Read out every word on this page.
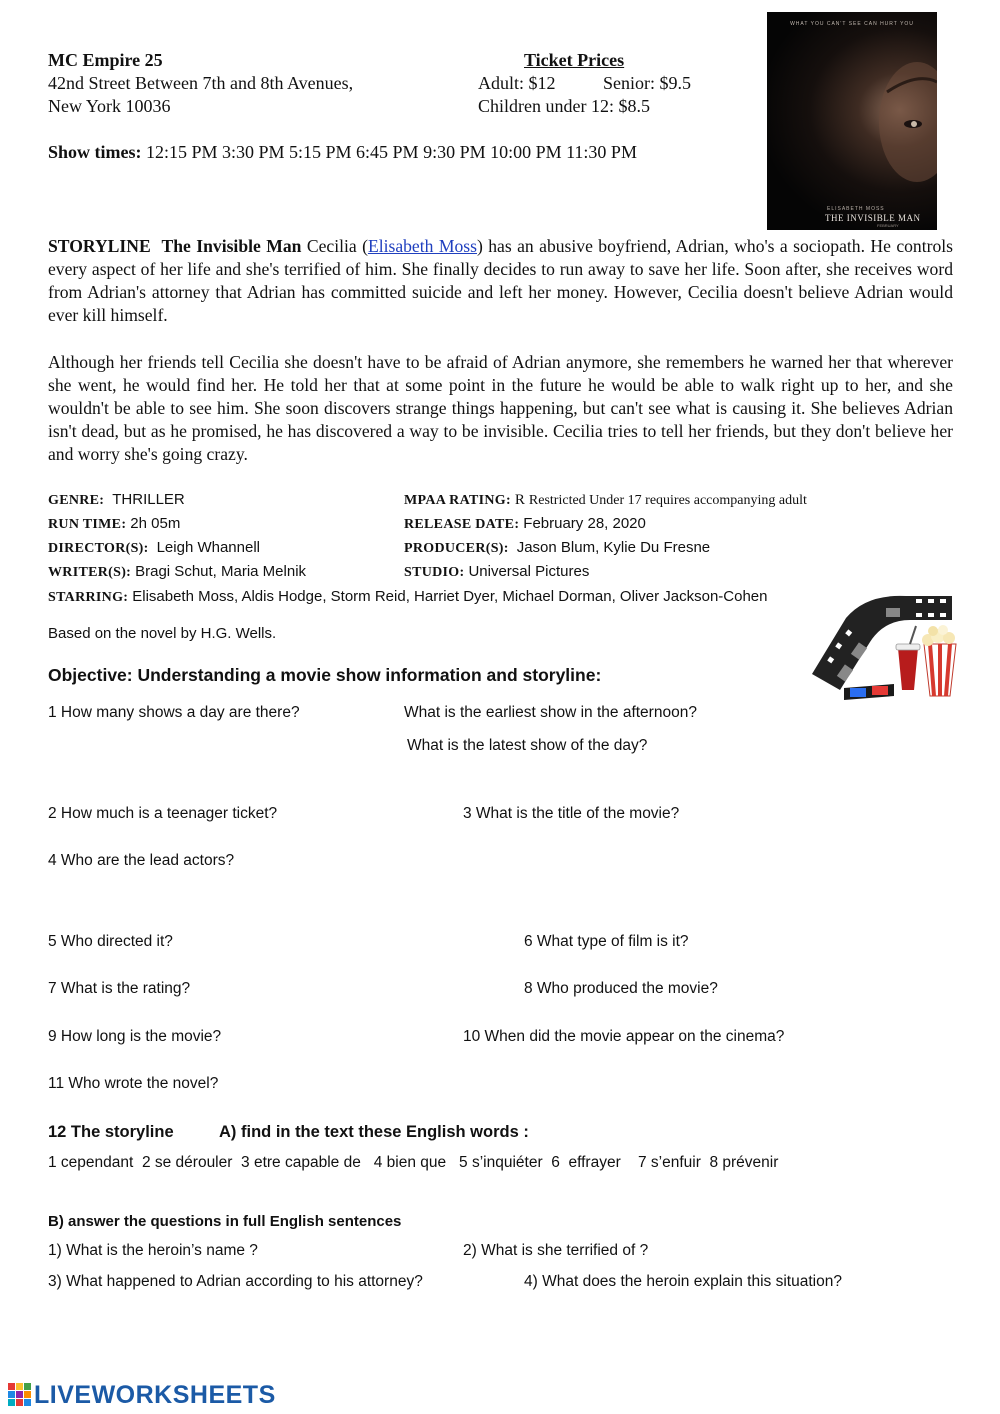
MC Empire 25
42nd Street Between 7th and 8th Avenues,
New York 10036
Ticket Prices
Adult: $12	Senior: $9.5
Children under 12: $8.5
Show times: 12:15 PM 3:30 PM 5:15 PM 6:45 PM 9:30 PM 10:00 PM 11:30 PM
WHAT YOU CAN'T SEE CAN HURT YOU
ELISABETH MOSS
THE INVISIBLE MAN
FEBRUARY
STORYLINE The Invisible Man Cecilia (Elisabeth Moss) has an abusive boyfriend, Adrian, who's a sociopath. He controls every aspect of her life and she's terrified of him. She finally decides to run away to save her life. Soon after, she receives word from Adrian's attorney that Adrian has committed suicide and left her money. However, Cecilia doesn't believe Adrian would ever kill himself.
Although her friends tell Cecilia she doesn't have to be afraid of Adrian anymore, she remembers he warned her that wherever she went, he would find her. He told her that at some point in the future he would be able to walk right up to her, and she wouldn't be able to see him. She soon discovers strange things happening, but can't see what is causing it. She believes Adrian isn't dead, but as he promised, he has discovered a way to be invisible. Cecilia tries to tell her friends, but they don't believe her and worry she's going crazy.
GENRE: THRILLER	MPAA RATING: R Restricted Under 17 requires accompanying adult
RUN TIME: 2h 05m	RELEASE DATE: February 28, 2020
DIRECTOR(S): Leigh Whannell	PRODUCER(S): Jason Blum, Kylie Du Fresne
WRITER(S): Bragi Schut, Maria Melnik	STUDIO: Universal Pictures
STARRING: Elisabeth Moss, Aldis Hodge, Storm Reid, Harriet Dyer, Michael Dorman, Oliver Jackson-Cohen
Based on the novel by H.G. Wells.
Objective: Understanding a movie show information and storyline:
1 How many shows a day are there?	What is the earliest show in the afternoon?
What is the latest show of the day?
2 How much is a teenager ticket?	3 What is the title of the movie?
4 Who are the lead actors?
5 Who directed it?	6 What type of film is it?
7 What is the rating?	8 Who produced the movie?
9 How long is the movie?	10 When did the movie appear on the cinema?
11 Who wrote the novel?
12 The storyline	A) find in the text these English words :
1 cependant  2 se dérouler  3 etre capable de   4 bien que   5 s’inquiéter  6  effrayer    7 s’enfuir  8 prévenir
B) answer the questions in full English sentences
1) What is the heroin’s name ?	2) What is she terrified of ?
3) What happened to Adrian according to his attorney?	4) What does the heroin explain this situation?
LIVEWORKSHEETS
